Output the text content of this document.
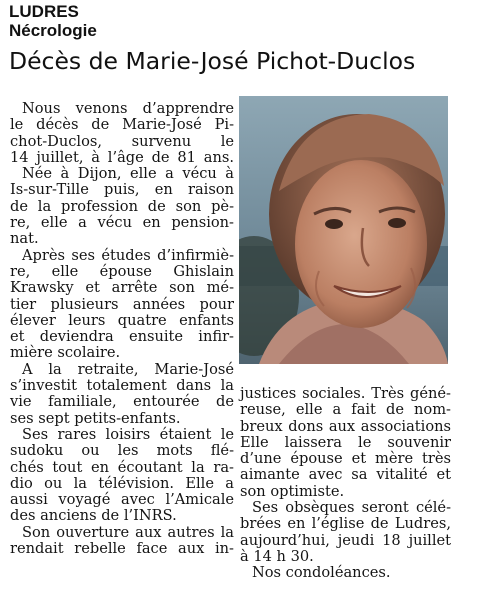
LUDRES
Nécrologie
Décès de Marie-José Pichot-Duclos
Nous venons d’apprendre
le décès de Marie-José Pi-
chot-Duclos, survenu le
14 juillet, à l’âge de 81 ans.
Née à Dijon, elle a vécu à
Is-sur-Tille puis, en raison
de la profession de son pè-
re, elle a vécu en pension-
nat.
Après ses études d’infirmiè-
re, elle épouse Ghislain
Krawsky et arrête son mé-
tier plusieurs années pour
élever leurs quatre enfants
et deviendra ensuite infir-
mière scolaire.
A la retraite, Marie-José
s’investit totalement dans la
vie familiale, entourée de
ses sept petits-enfants.
Ses rares loisirs étaient le
sudoku ou les mots flé-
chés tout en écoutant la ra-
dio ou la télévision. Elle a
aussi voyagé avec l’Amicale
des anciens de l’INRS.
Son ouverture aux autres la
rendait rebelle face aux in-
justices sociales. Très géné-
reuse, elle a fait de nom-
breux dons aux associations
Elle laissera le souvenir
d’une épouse et mère très
aimante avec sa vitalité et
son optimiste.
Ses obsèques seront célé-
brées en l’église de Ludres,
aujourd’hui, jeudi 18 juillet
à 14 h 30.
Nos condoléances.
